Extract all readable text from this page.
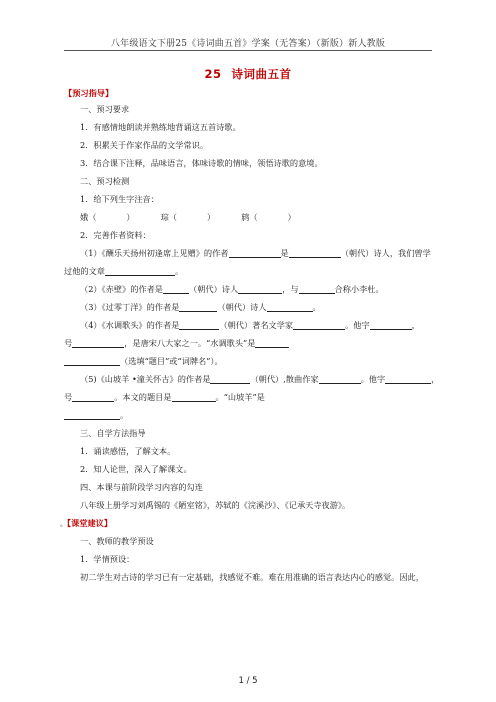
八年级语文下册25《诗词曲五首》学案（无答案）（新版）新人教版
25 诗词曲五首
【预习指导】
一、预习要求
1．有感情地朗读并熟练地背诵这五首诗歌。
2．积累关于作家作品的文学常识。
3．结合课下注释，品味语言，体味诗歌的情味，领悟诗歌的意境。
二、预习检测
1．给下列生字注音：
娥（	）	琮（	）	鸫（	）
2．完善作者资料：
（1）《酬乐天扬州初逢席上见赠》的作者	是	（朝代）诗人，我们曾学
过他的文章	。
（2）《赤壁》的作者是	（朝代）诗人	，与	合称小李杜。
（3）《过零丁洋》的作者是	（朝代）诗人	。
（4）《水调歌头》的作者是	（朝代）著名文学家	。他字	，
号	，是唐宋八大家之一。“水调歌头”是
（选填“题目”或“词牌名”）。
（5)《山坡羊 •潼关怀古》的作者是	（朝代）,散曲作家	。他字	，
号	。本文的题目是	。“山坡羊”是
。
三、自学方法指导
1．诵读感悟，了解文本。
2．知人论世，深入了解课文。
四、本课与前阶段学习内容的勾连
八年级上册学习刘禹锡的《陋室铭》，苏轼的《浣溪沙》、《记承天寺夜游》。
。【课堂建议】
一、教师的教学预设
1．学情预设：
初二学生对古诗的学习已有一定基础，找感觉不难。难在用准确的语言表达内心的感觉。因此，
1 / 5
